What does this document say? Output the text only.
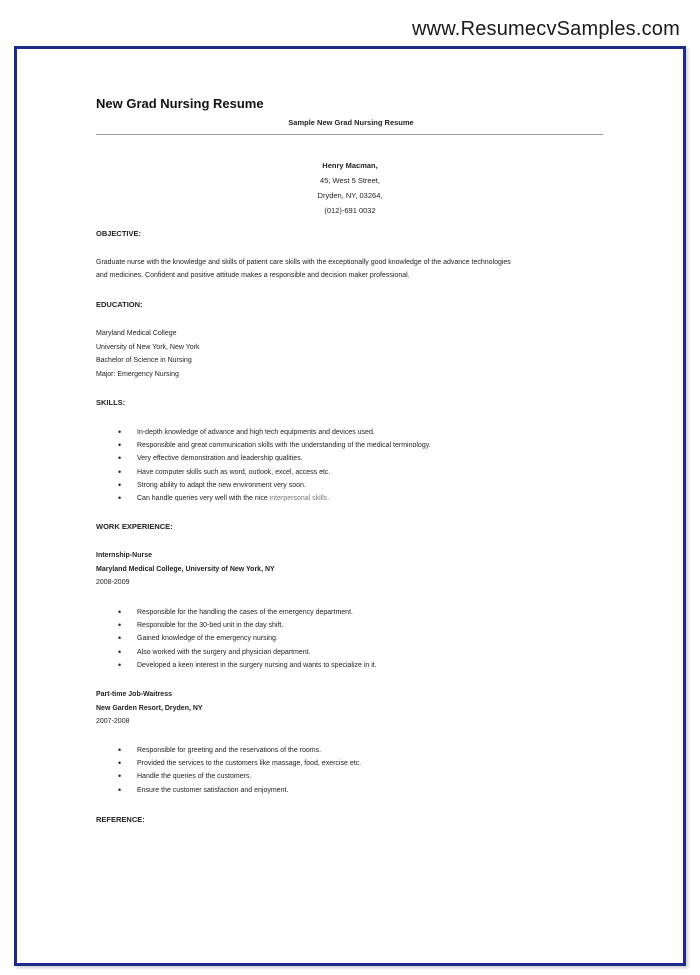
www.ResumecvSamples.com
New Grad Nursing Resume
Sample New Grad Nursing Resume
Henry Macman,
45, West 5 Street,
Dryden, NY, 03264,
(012)-691 0032
OBJECTIVE:
Graduate nurse with the knowledge and skills of patient care skills with the exceptionally good knowledge of the advance technologies
and medicines. Confident and positive attitude makes a responsible and decision maker professional.
EDUCATION:
Maryland Medical College
University of New York, New York
Bachelor of Science in Nursing
Major: Emergency Nursing
SKILLS:
• In-depth knowledge of advance and high tech equipments and devices used.
• Responsible and great communication skills with the understanding of the medical terminology.
• Very effective demonstration and leadership qualities.
• Have computer skills such as word, outlook, excel, access etc.
• Strong ability to adapt the new environment very soon.
• Can handle queries very well with the nice interpersonal skills.
WORK EXPERIENCE:
Internship-Nurse
Maryland Medical College, University of New York, NY
2008-2009
• Responsible for the handling the cases of the emergency department.
• Responsible for the 30-bed unit in the day shift.
• Gained knowledge of the emergency nursing.
• Also worked with the surgery and physician department.
• Developed a keen interest in the surgery nursing and wants to specialize in it.
Part-time Job-Waitress
New Garden Resort, Dryden, NY
2007-2008
• Responsible for greeting and the reservations of the rooms.
• Provided the services to the customers like massage, food, exercise etc.
• Handle the queries of the customers.
• Ensure the customer satisfaction and enjoyment.
REFERENCE:
